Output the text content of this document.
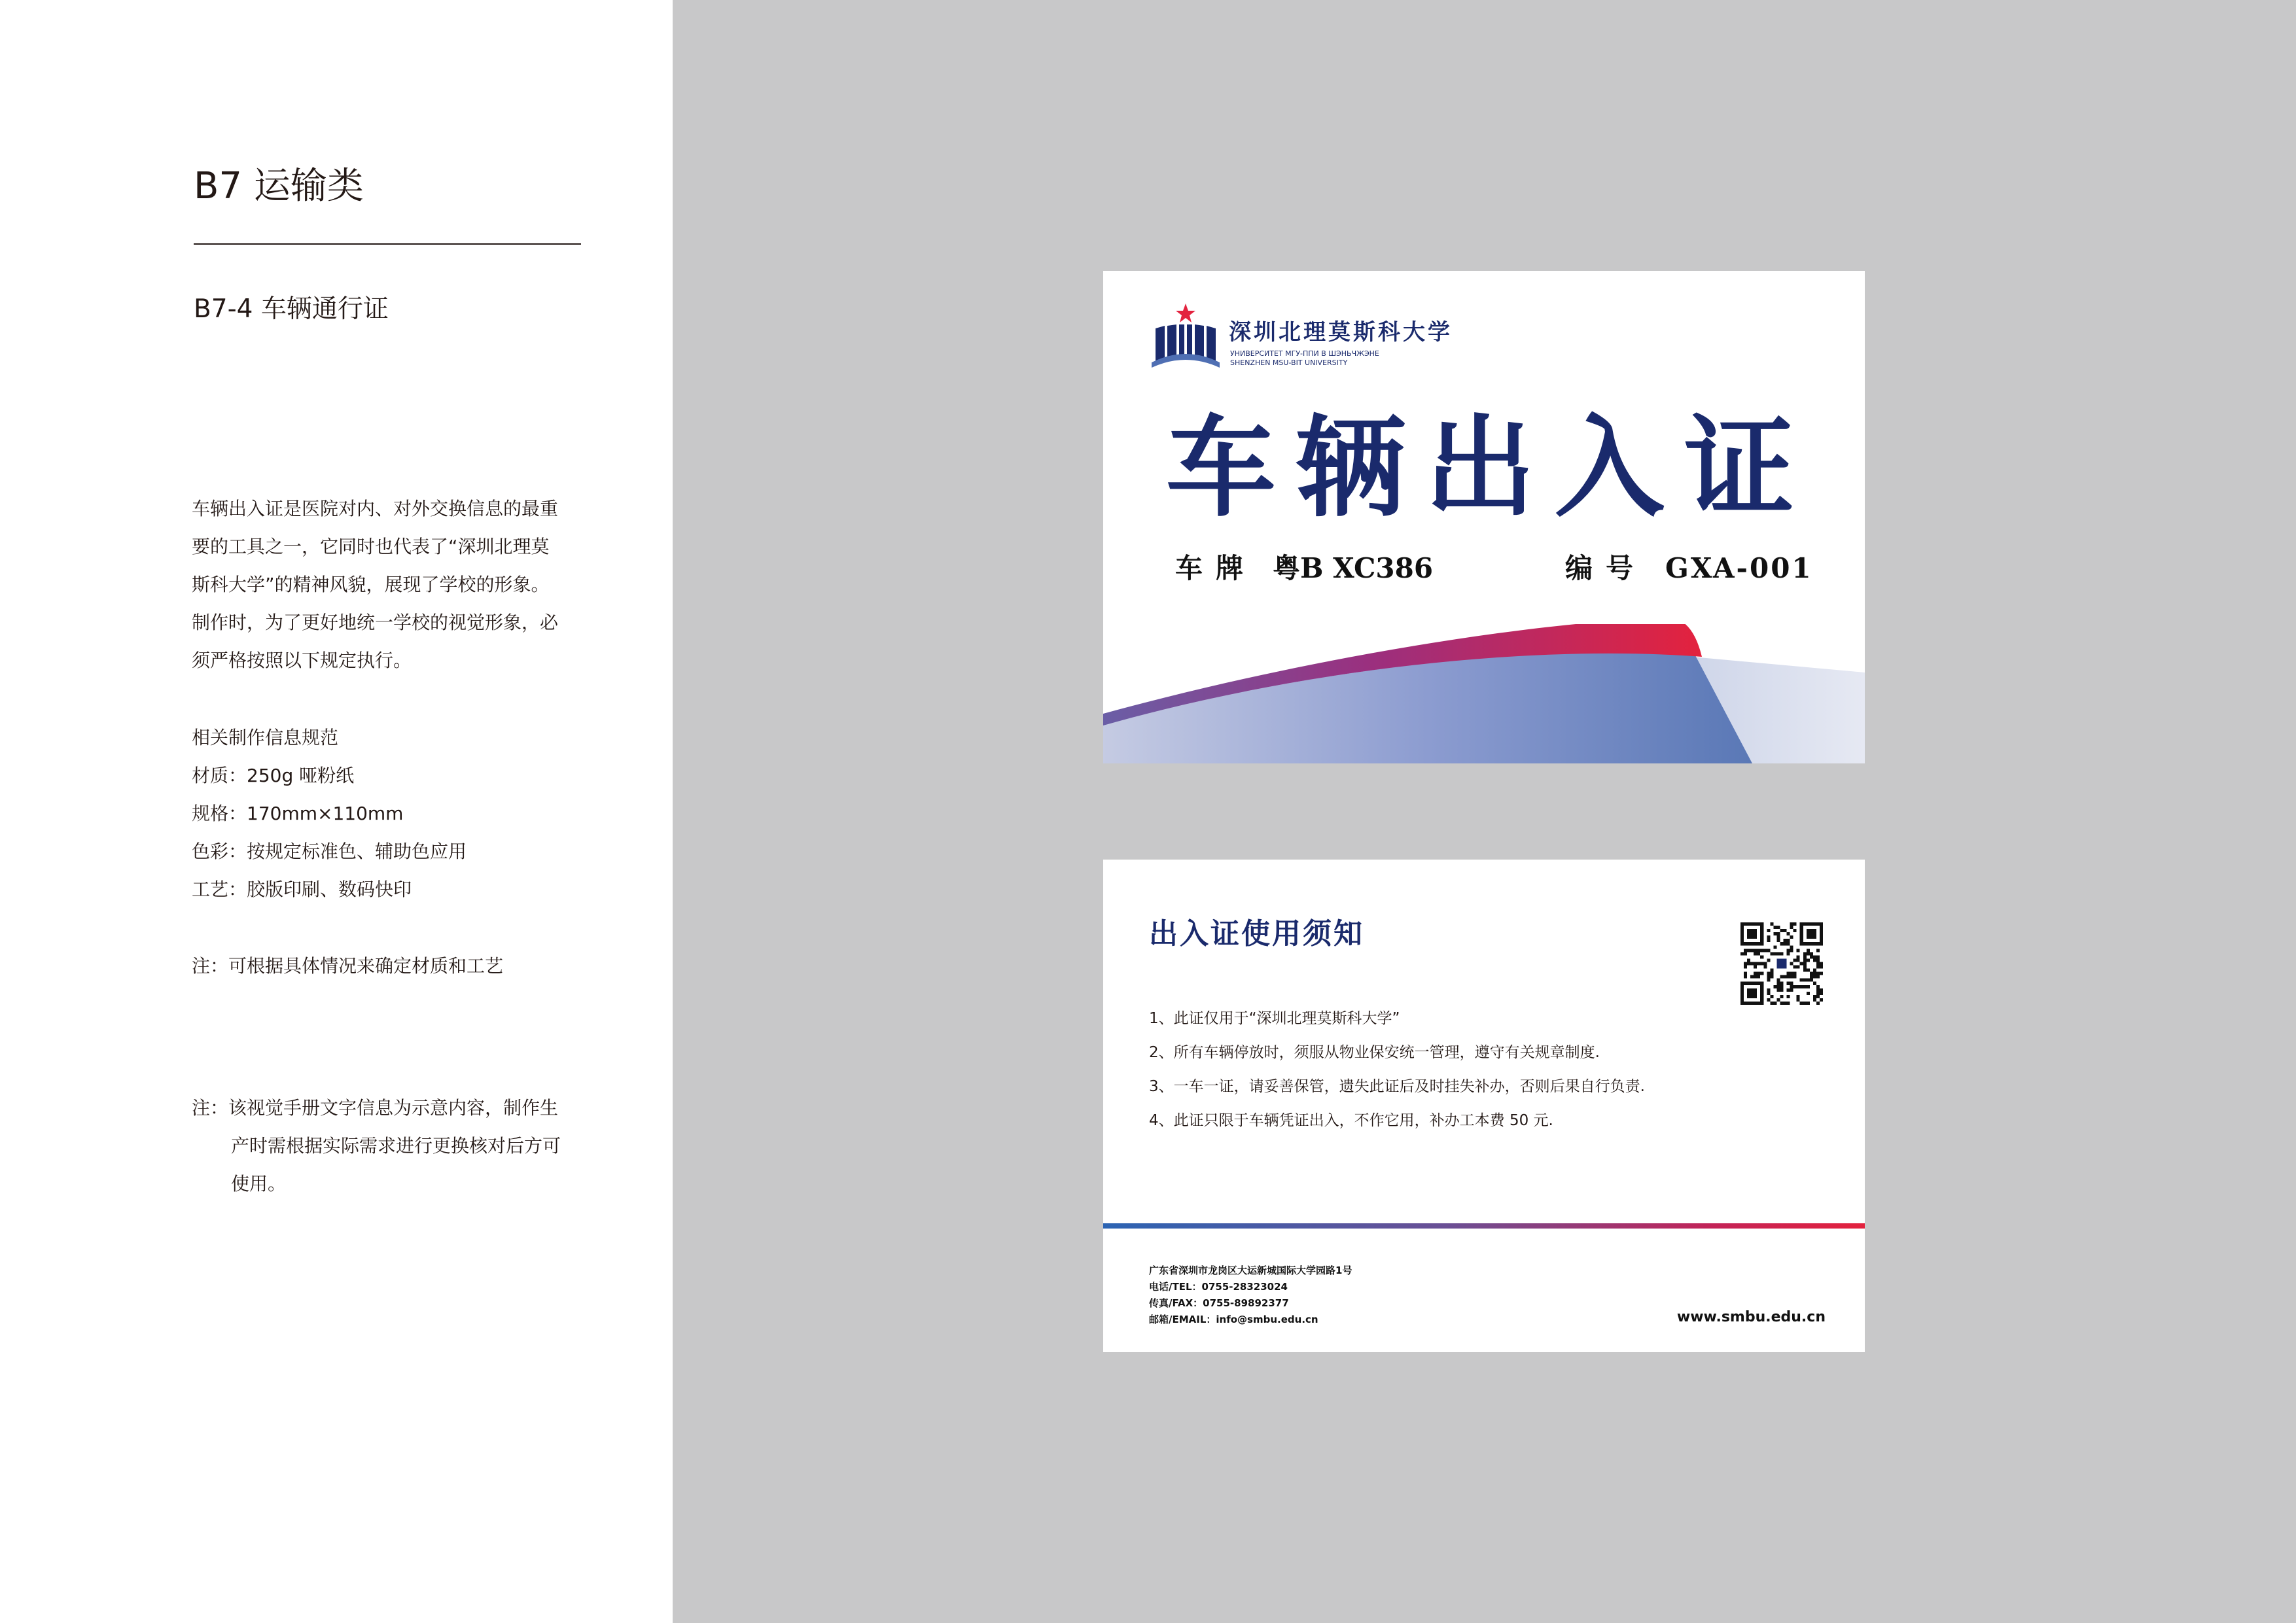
B7 运输类
B7-4 车辆通行证
车辆出入证是医院对内、对外交换信息的最重
要的工具之一，它同时也代表了“深圳北理莫
斯科大学”的精神风貌，展现了学校的形象。
制作时，为了更好地统一学校的视觉形象，必
须严格按照以下规定执行。
相关制作信息规范
材质：250g 哑粉纸
规格：170mm×110mm
色彩：按规定标准色、辅助色应用
工艺：胶版印刷、数码快印
注：可根据具体情况来确定材质和工艺
注：该视觉手册文字信息为示意内容，制作生
产时需根据实际需求进行更换核对后方可
使用。
深圳北理莫斯科大学
УНИВЕРСИТЕТ МГУ-ППИ В ШЭНЬЧЖЭНЕ
SHENZHEN MSU-BIT UNIVERSITY
车辆出入证
车牌 粤B XC386	编号 GXA-001
出入证使用须知
1、此证仅用于“深圳北理莫斯科大学”
2、所有车辆停放时，须服从物业保安统一管理，遵守有关规章制度.
3、一车一证，请妥善保管，遗失此证后及时挂失补办，否则后果自行负责.
4、此证只限于车辆凭证出入，不作它用，补办工本费 50 元.
广东省深圳市龙岗区大运新城国际大学园路1号
电话/TEL：0755-28323024
传真/FAX：0755-89892377
邮箱/EMAIL：info@smbu.edu.cn	www.smbu.edu.cn
